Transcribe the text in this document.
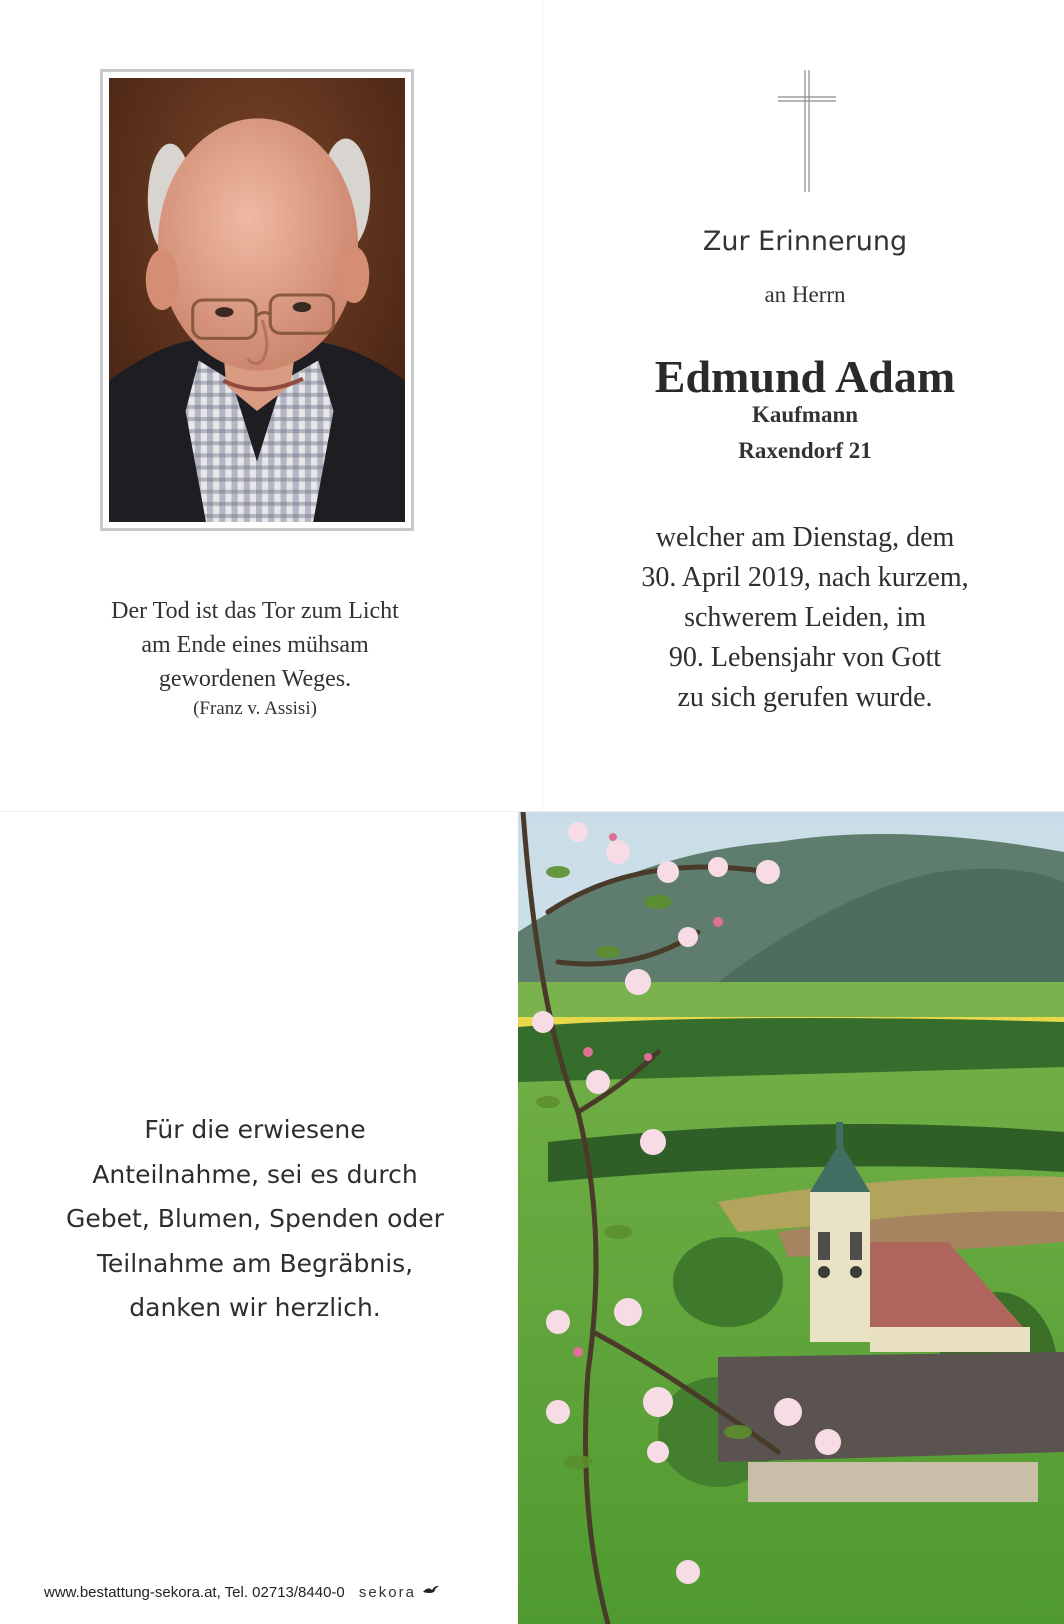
Der Tod ist das Tor zum Licht
am Ende eines mühsam
gewordenen Weges.
(Franz v. Assisi)
Zur Erinnerung
an Herrn
Edmund Adam
Kaufmann
Raxendorf 21
welcher am Dienstag, dem
30. April 2019, nach kurzem,
schwerem Leiden, im
90. Lebensjahr von Gott
zu sich gerufen wurde.
Für die erwiesene
Anteilnahme, sei es durch
Gebet, Blumen, Spenden oder
Teilnahme am Begräbnis,
danken wir herzlich.
www.bestattung-sekora.at, Tel. 02713/8440-0 sekora
